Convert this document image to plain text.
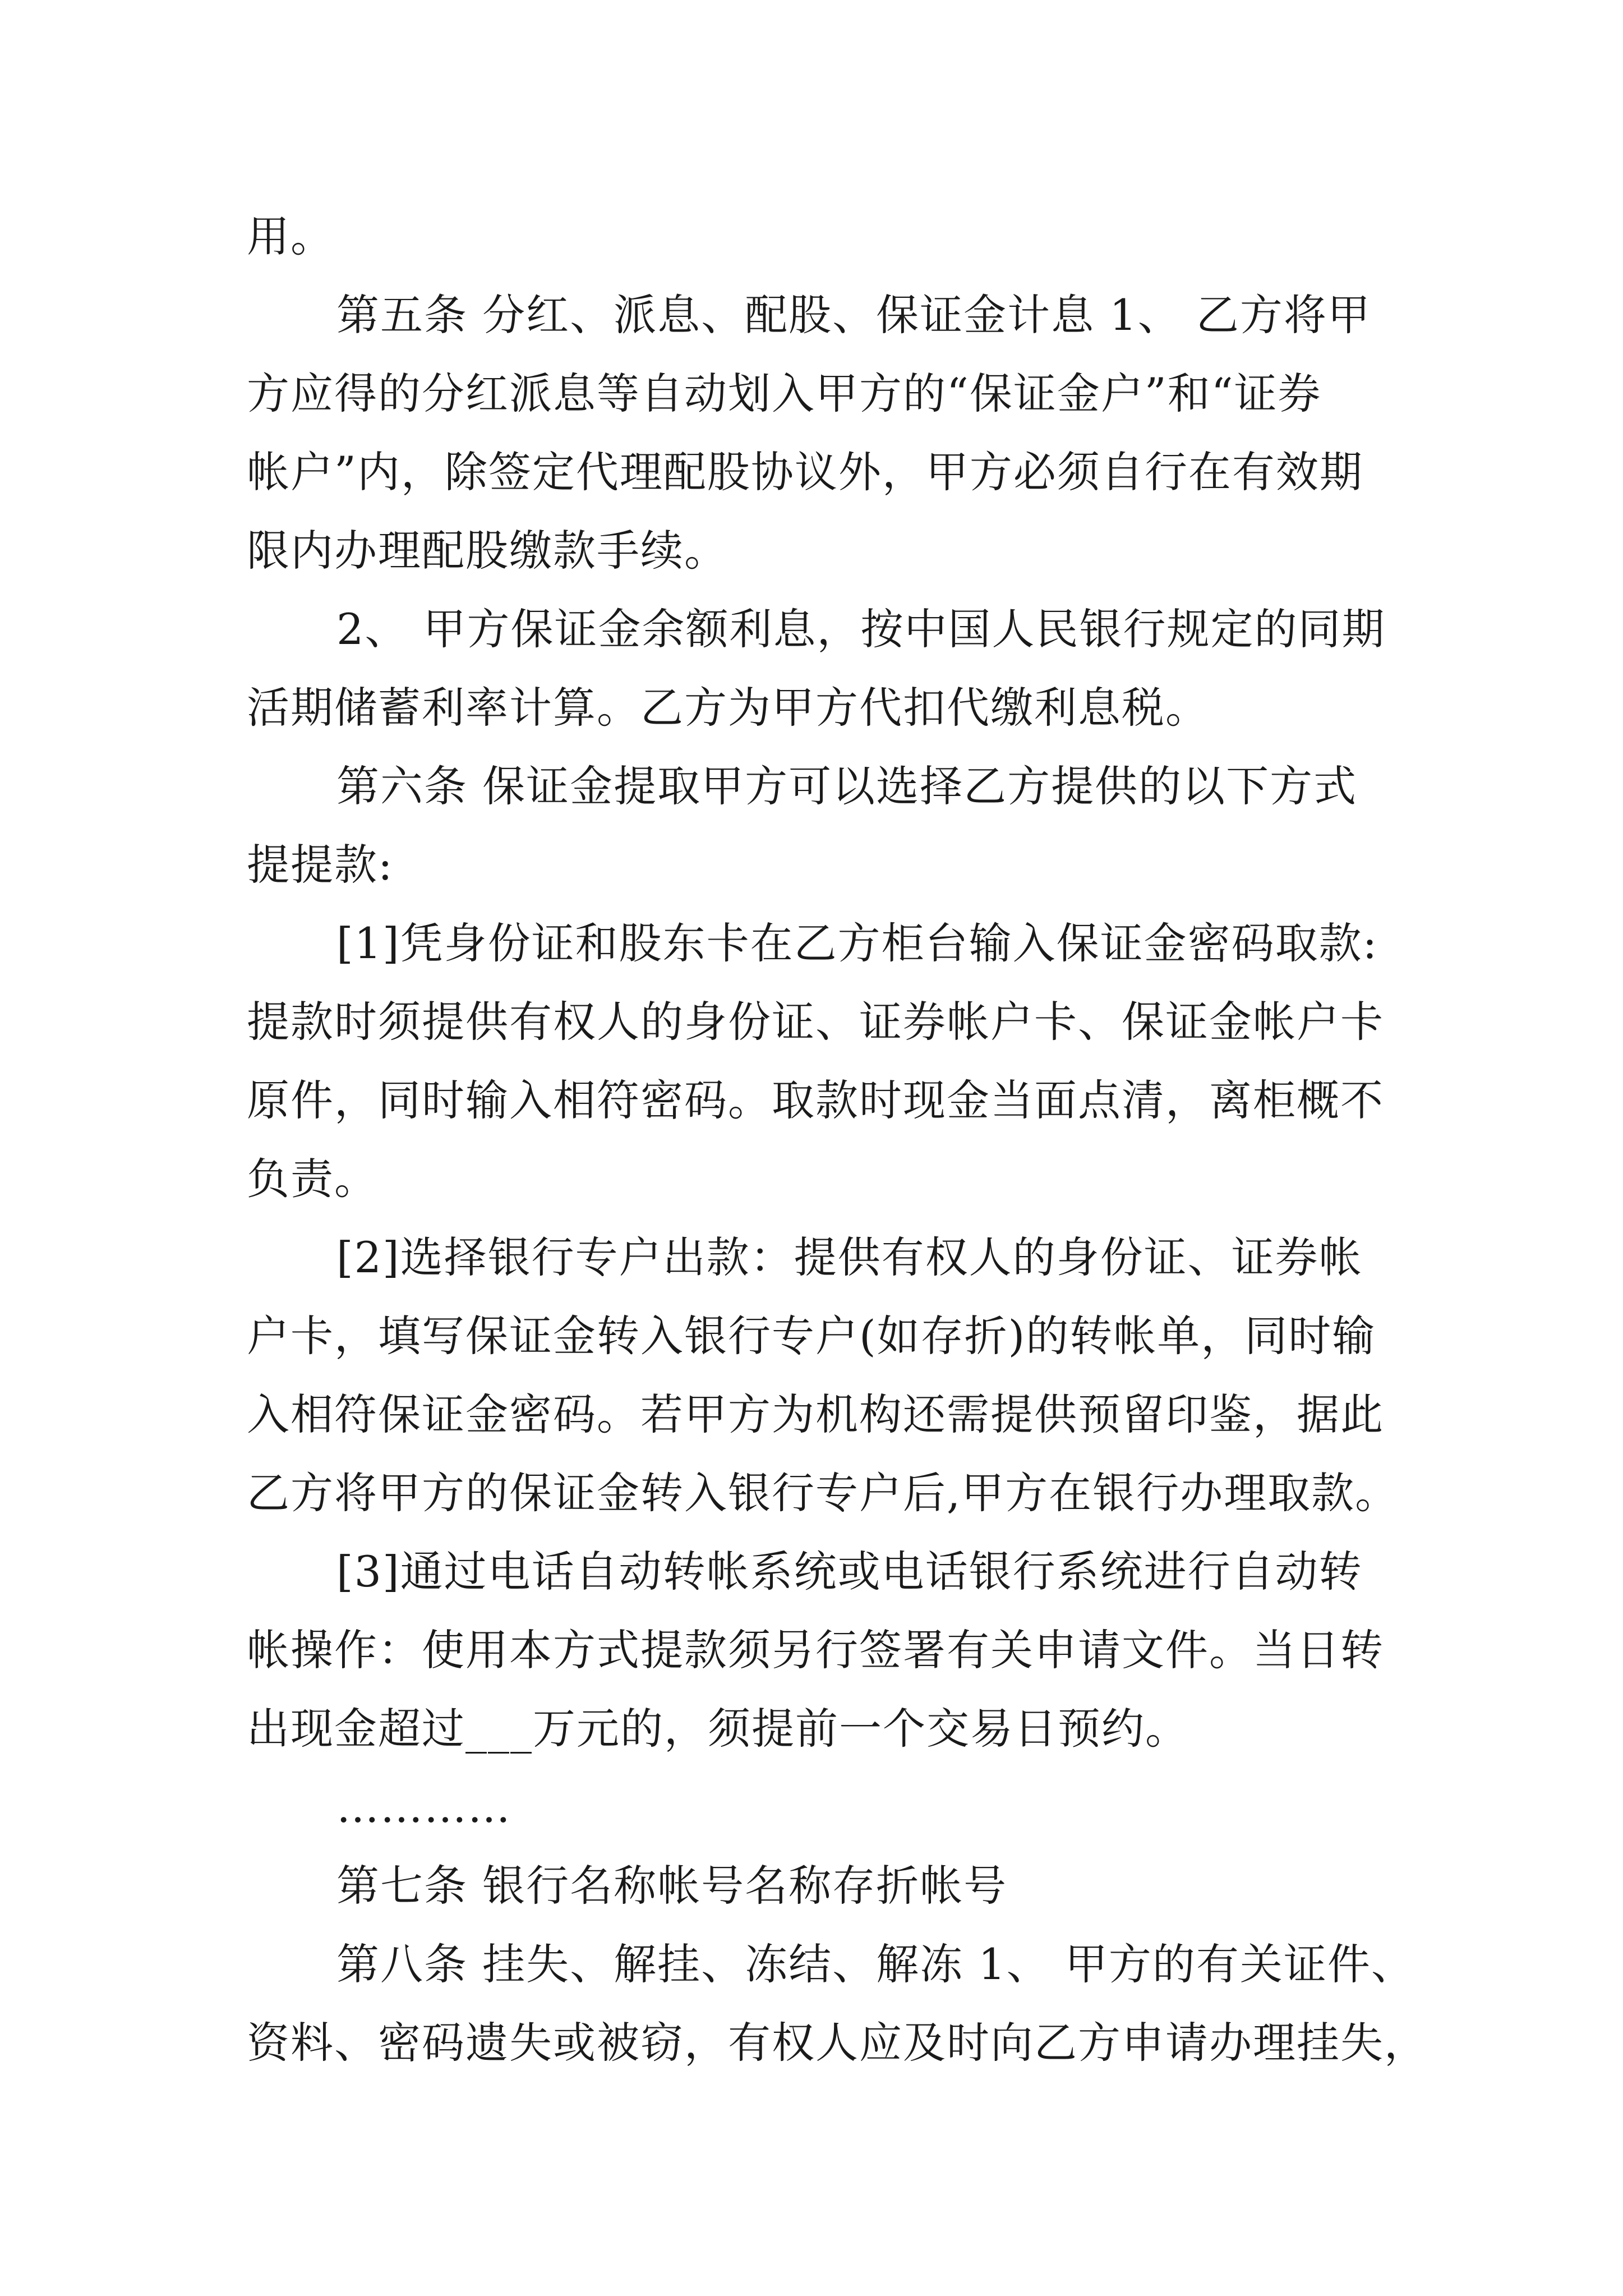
用。

第五条 分红、派息、配股、保证金计息 1、 乙方将甲

方应得的分红派息等自动划入甲方的“保证金户”和“证券

帐户”内，除签定代理配股协议外，甲方必须自行在有效期

限内办理配股缴款手续。

2、 甲方保证金余额利息，按中国人民银行规定的同期

活期储蓄利率计算。乙方为甲方代扣代缴利息税。

第六条 保证金提取甲方可以选择乙方提供的以下方式

提提款:

[1]凭身份证和股东卡在乙方柜台输入保证金密码取款:

提款时须提供有权人的身份证、证券帐户卡、保证金帐户卡

原件，同时输入相符密码。取款时现金当面点清，离柜概不

负责。

[2]选择银行专户出款：提供有权人的身份证、证券帐

户卡，填写保证金转入银行专户(如存折)的转帐单，同时输

入相符保证金密码。若甲方为机构还需提供预留印鉴，据此

乙方将甲方的保证金转入银行专户后,甲方在银行办理取款。

[3]通过电话自动转帐系统或电话银行系统进行自动转

帐操作：使用本方式提款须另行签署有关申请文件。当日转

出现金超过___万元的，须提前一个交易日预约。

…………

第七条 银行名称帐号名称存折帐号

第八条 挂失、解挂、冻结、解冻 1、 甲方的有关证件、

资料、密码遗失或被窃，有权人应及时向乙方申请办理挂失，
